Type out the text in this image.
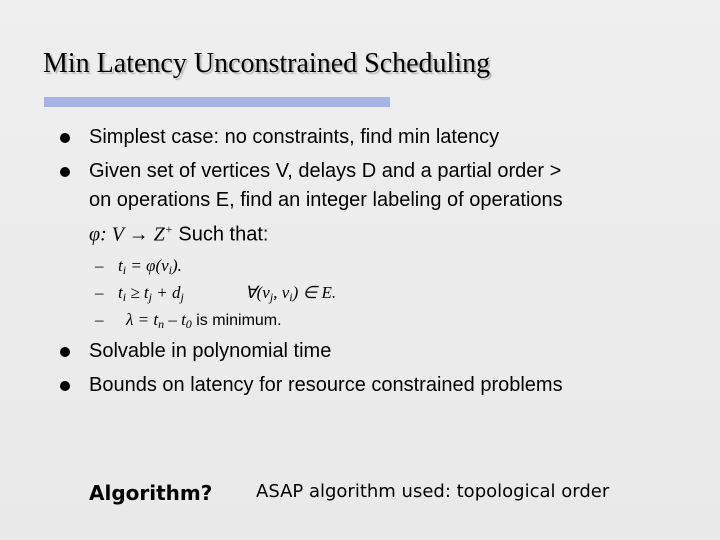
Min Latency Unconstrained Scheduling
Simplest case: no constraints, find min latency
Given set of vertices V, delays D and a partial order >
on operations E, find an integer labeling of operations
φ: V → Z+ Such that:
– $t_i = \varphi(v_i)$.
– $t_i \ge t_j + d_j$	$\forall(v_j$, $v_i$) ∈ E.
– $\lambda = t_n - t_0$ is minimum.
Solvable in polynomial time
Bounds on latency for resource constrained problems
Algorithm? ASAP algorithm used: topological order
